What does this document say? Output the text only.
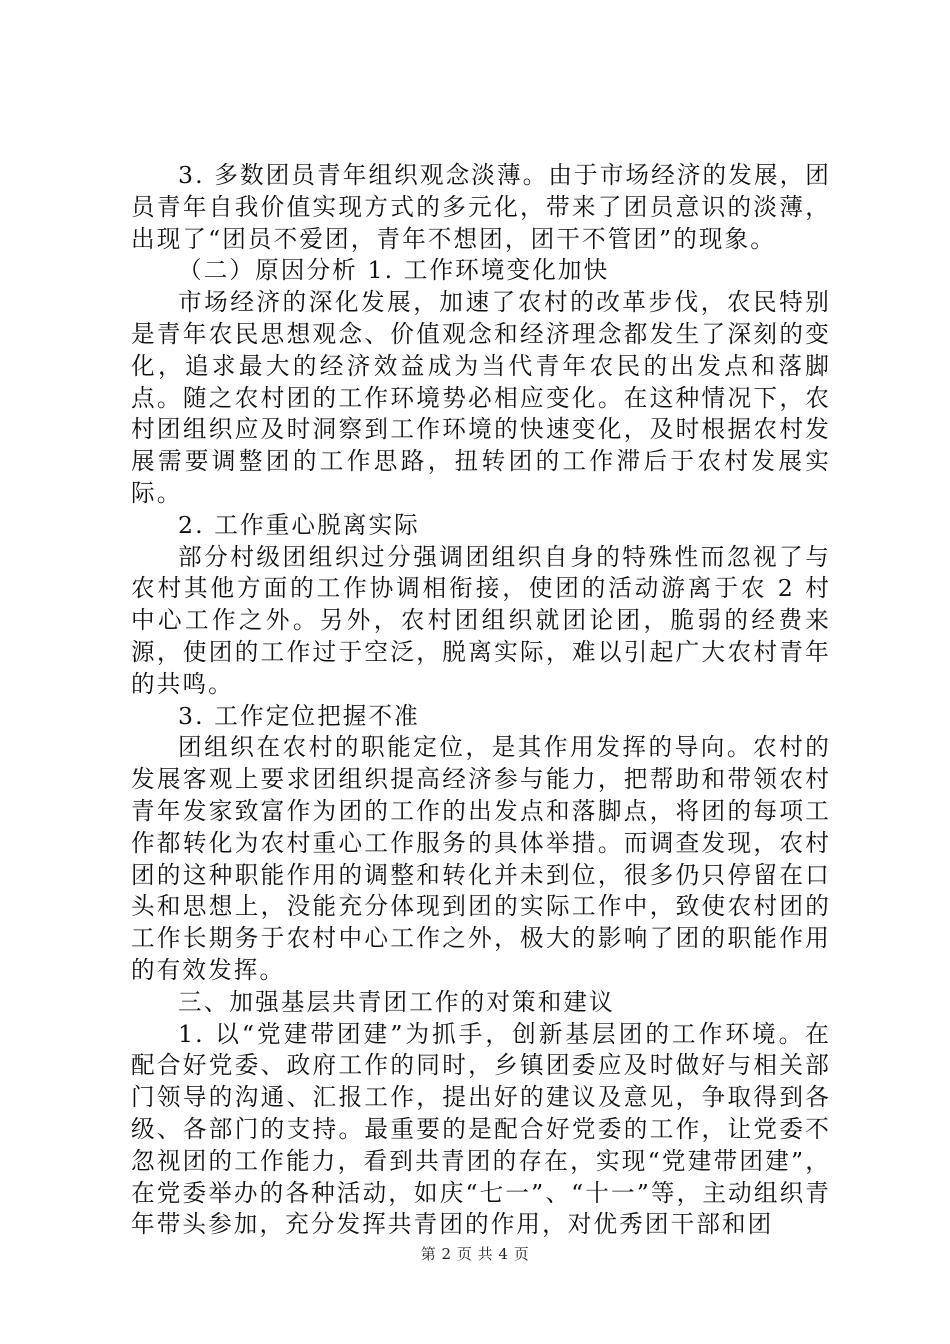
3. 多数团员青年组织观念淡薄。由于市场经济的发展，团员青年自我价值实现方式的多元化，带来了团员意识的淡薄，出现了“团员不爱团，青年不想团，团干不管团”的现象。

（二）原因分析 1. 工作环境变化加快

市场经济的深化发展，加速了农村的改革步伐，农民特别是青年农民思想观念、价值观念和经济理念都发生了深刻的变化，追求最大的经济效益成为当代青年农民的出发点和落脚点。随之农村团的工作环境势必相应变化。在这种情况下，农村团组织应及时洞察到工作环境的快速变化，及时根据农村发展需要调整团的工作思路，扭转团的工作滞后于农村发展实际。

2. 工作重心脱离实际

部分村级团组织过分强调团组织自身的特殊性而忽视了与农村其他方面的工作协调相衔接，使团的活动游离于农 2 村中心工作之外。另外，农村团组织就团论团，脆弱的经费来源，使团的工作过于空泛，脱离实际，难以引起广大农村青年的共鸣。

3. 工作定位把握不准

团组织在农村的职能定位，是其作用发挥的导向。农村的发展客观上要求团组织提高经济参与能力，把帮助和带领农村青年发家致富作为团的工作的出发点和落脚点，将团的每项工作都转化为农村重心工作服务的具体举措。而调查发现，农村团的这种职能作用的调整和转化并未到位，很多仍只停留在口头和思想上，没能充分体现到团的实际工作中，致使农村团的工作长期务于农村中心工作之外，极大的影响了团的职能作用的有效发挥。

三、加强基层共青团工作的对策和建议

1. 以“党建带团建”为抓手，创新基层团的工作环境。在配合好党委、政府工作的同时，乡镇团委应及时做好与相关部门领导的沟通、汇报工作，提出好的建议及意见，争取得到各级、各部门的支持。最重要的是配合好党委的工作，让党委不忽视团的工作能力，看到共青团的存在，实现“党建带团建”，在党委举办的各种活动，如庆“七一”、“十一”等，主动组织青年带头参加，充分发挥共青团的作用，对优秀团干部和团

第 2 页 共 4 页
